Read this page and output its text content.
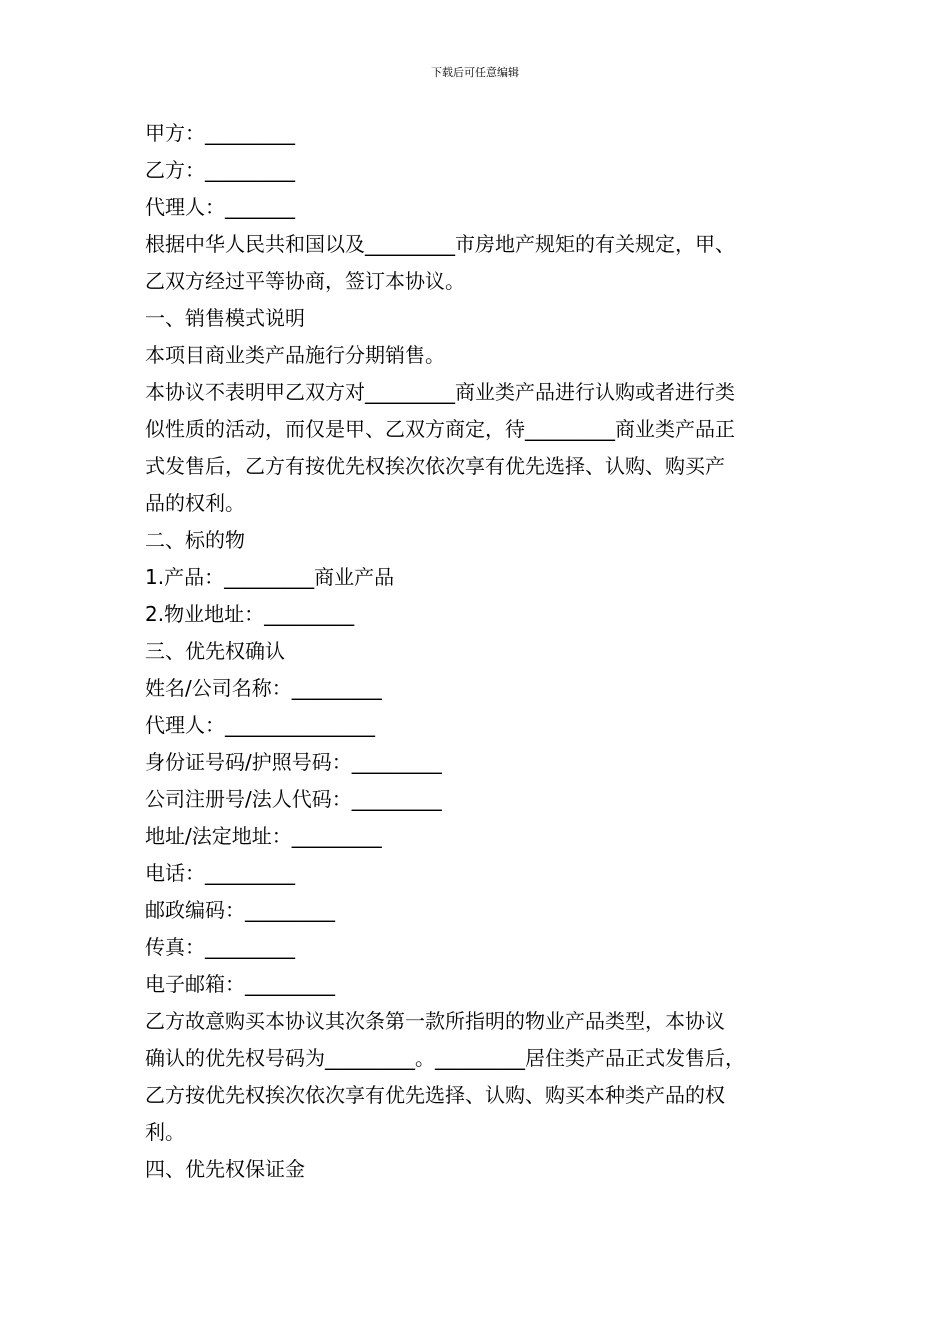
下载后可任意编辑
甲方：_________
乙方：_________
代理人：_______
根据中华人民共和国以及_________市房地产规矩的有关规定，甲、
乙双方经过平等协商，签订本协议。
一、销售模式说明
本项目商业类产品施行分期销售。
本协议不表明甲乙双方对_________商业类产品进行认购或者进行类
似性质的活动，而仅是甲、乙双方商定，待_________商业类产品正
式发售后，乙方有按优先权挨次依次享有优先选择、认购、购买产
品的权利。
二、标的物
1.产品：_________商业产品
2.物业地址：_________
三、优先权确认
姓名/公司名称：_________
代理人：_______________
身份证号码/护照号码：_________
公司注册号/法人代码：_________
地址/法定地址：_________
电话：_________
邮政编码：_________
传真：_________
电子邮箱：_________
乙方故意购买本协议其次条第一款所指明的物业产品类型，本协议
确认的优先权号码为_________。_________居住类产品正式发售后，
乙方按优先权挨次依次享有优先选择、认购、购买本种类产品的权
利。
四、优先权保证金
